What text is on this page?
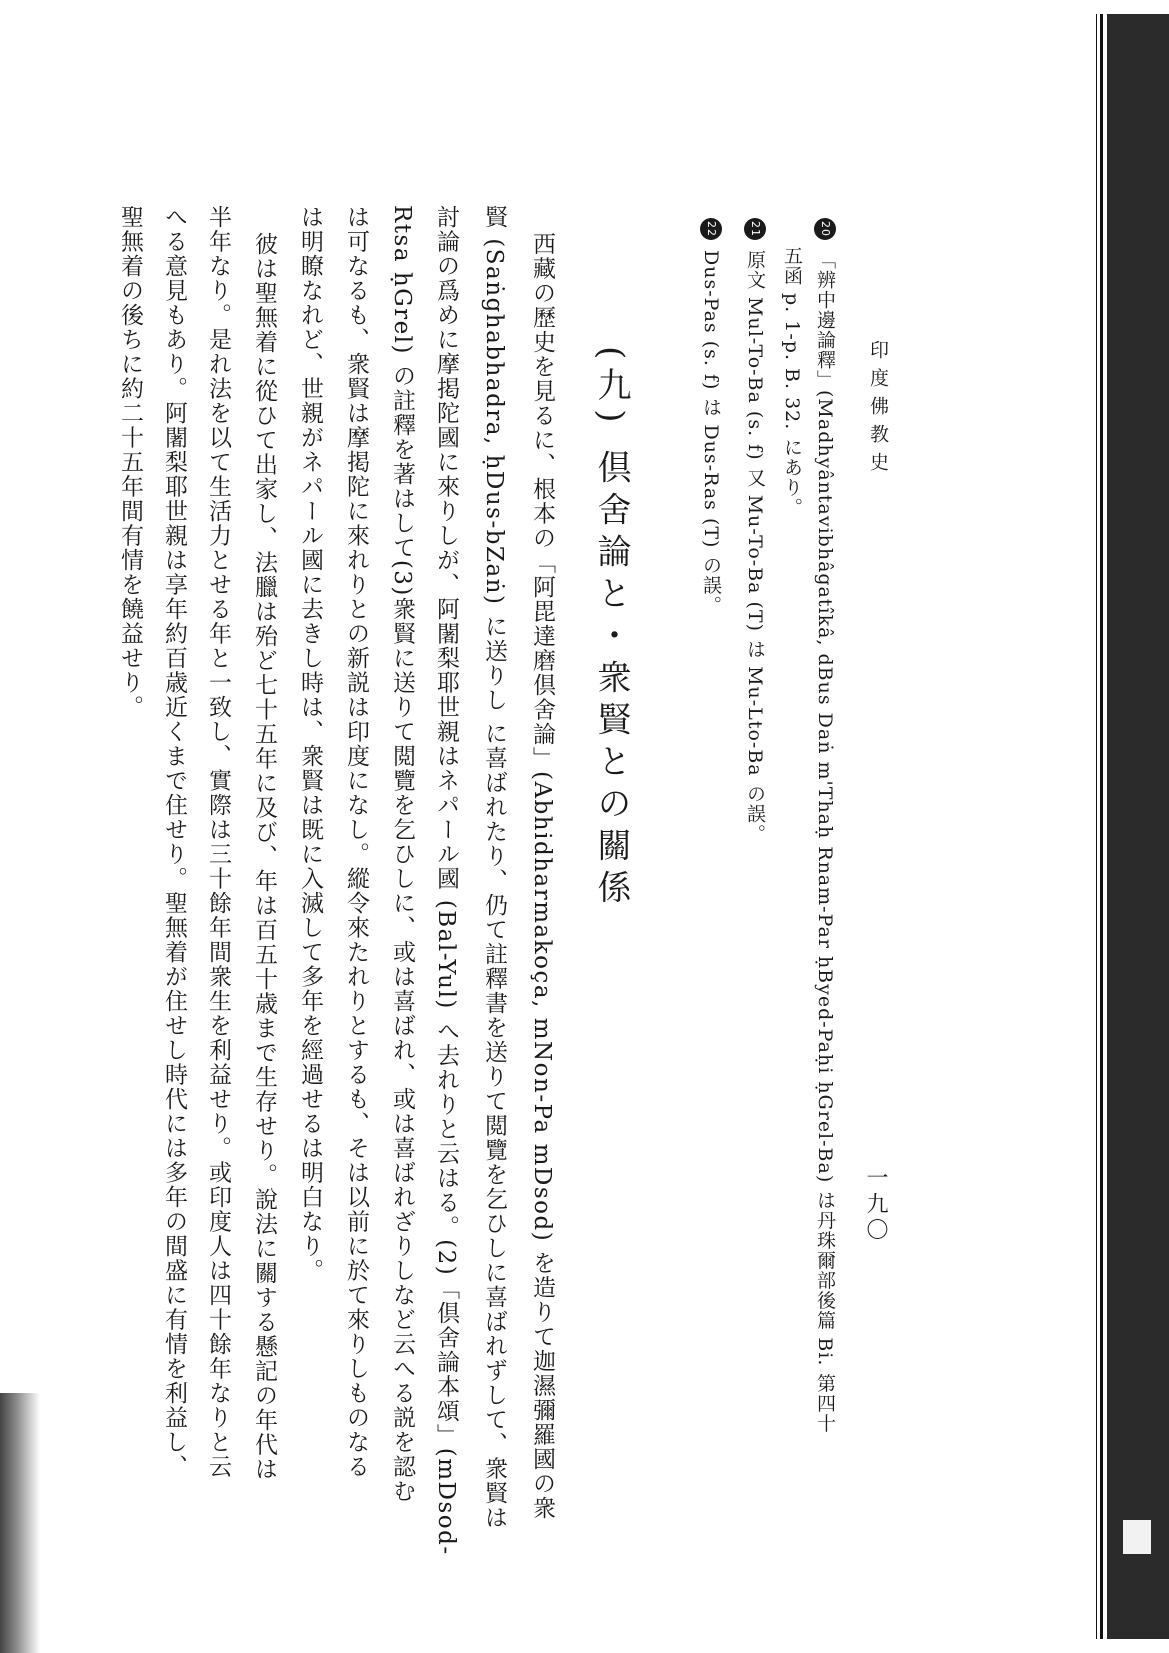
印度佛教史
一九〇
20「辨中邊論釋」(Madhyântavibhâgatîkâ, dBus Daṅ m'Thaḥ Rnam-Par ḥByed-Paḥi ḥGrel-Ba) は丹珠爾部後篇 Bi. 第四十
五函 p. 1-p. B. 32. にあり。
21原文 Mul-To-Ba (s. f) 又 Mu-To-Ba (T) は Mu-Lto-Ba の誤。
22Dus-Pas (s. f) は Dus-Ras (T) の誤。
(九) 倶舍論と・衆賢との關係
西藏の歷史を見るに、根本の「阿毘達磨倶舍論」(Abhidharmakoça, mNon-Pa mDsod) を造りて迦濕彌羅國の衆
賢 (Saṅghabhadra, ḥDus-bZaṅ) に送りし に喜ばれたり、仍て註釋書を送りて閲覽を乞ひしに喜ばれずして、衆賢は
討論の爲めに摩掲陀國に來りしが、阿闍梨耶世親はネパール國 (Bal-Yul) へ去れりと云はる。(2)「倶舍論本頌」(mDsod-
Rtsa ḥGrel) の註釋を著はして(3)衆賢に送りて閲覽を乞ひしに、或は喜ばれ、或は喜ばれざりしなど云へる説を認む
は可なるも、衆賢は摩掲陀に來れりとの新説は印度になし。縱令來たれりとするも、そは以前に於て來りしものなる
は明瞭なれど、世親がネパール國に去きし時は、衆賢は既に入滅して多年を經過せるは明白なり。
彼は聖無着に從ひて出家し、法臘は殆ど七十五年に及び、年は百五十歳まで生存せり。說法に關する懸記の年代は
半年なり。是れ法を以て生活力とせる年と一致し、實際は三十餘年間衆生を利益せり。或印度人は四十餘年なりと云
へる意見もあり。阿闍梨耶世親は享年約百歳近くまで住せり。聖無着が住せし時代には多年の間盛に有情を利益し、
聖無着の後ちに約二十五年間有情を饒益せり。
